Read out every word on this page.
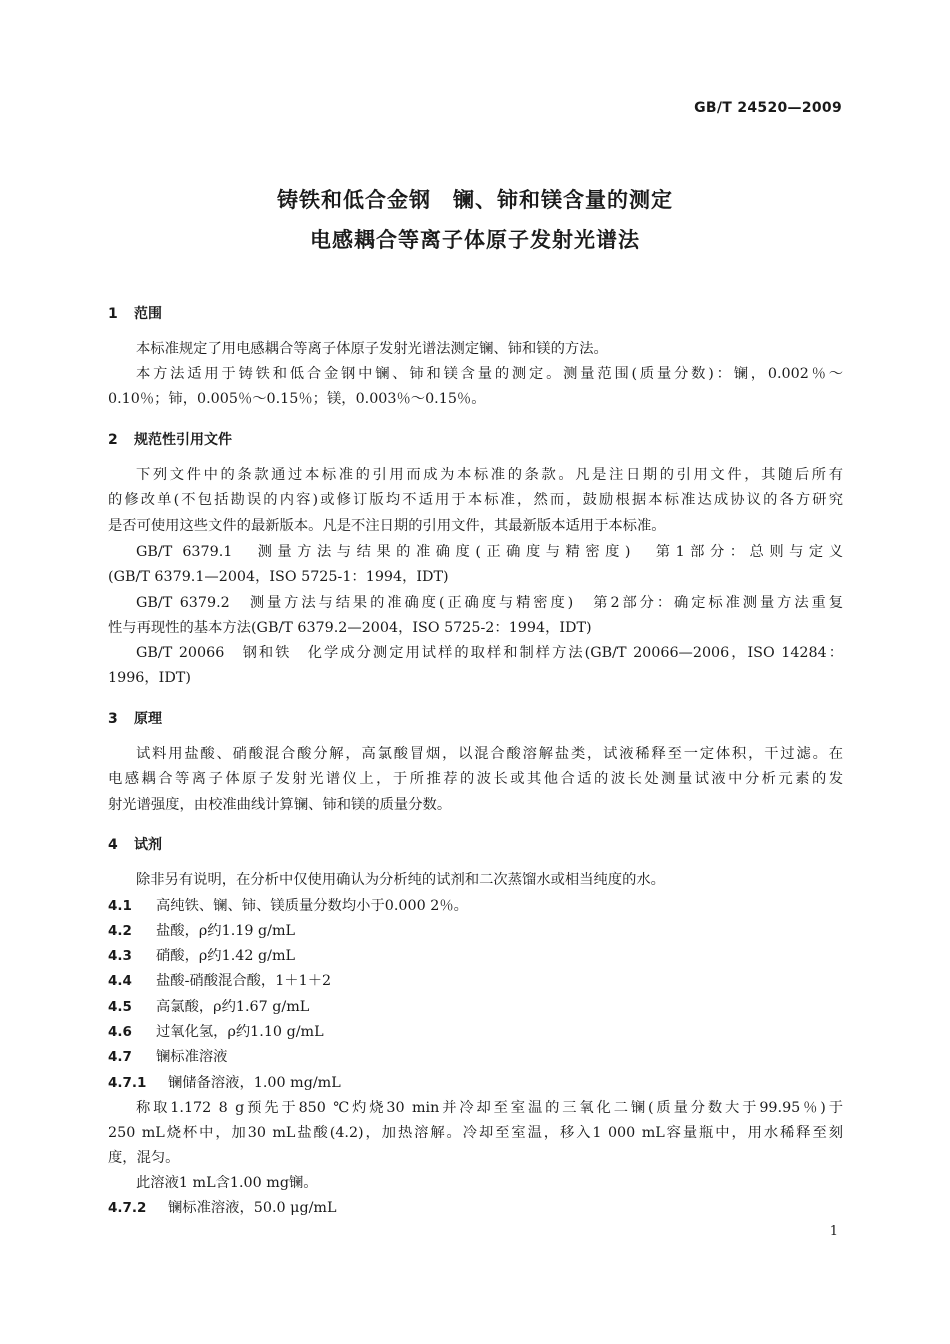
GB/T 24520—2009
铸铁和低合金钢　镧、铈和镁含量的测定
电感耦合等离子体原子发射光谱法
1 范围
本标准规定了用电感耦合等离子体原子发射光谱法测定镧、铈和镁的方法。
本方法适用于铸铁和低合金钢中镧、铈和镁含量的测定。测量范围(质量分数)：镧，0.002％～
0.10％；铈，0.005％～0.15％；镁，0.003％～0.15％。
2 规范性引用文件
下列文件中的条款通过本标准的引用而成为本标准的条款。凡是注日期的引用文件，其随后所有
的修改单(不包括勘误的内容)或修订版均不适用于本标准，然而，鼓励根据本标准达成协议的各方研究
是否可使用这些文件的最新版本。凡是不注日期的引用文件，其最新版本适用于本标准。
GB/T 6379.1　测量方法与结果的准确度(正确度与精密度)　第1部分：总则与定义
(GB/T 6379.1—2004，ISO 5725-1：1994，IDT)
GB/T 6379.2　测量方法与结果的准确度(正确度与精密度)　第2部分：确定标准测量方法重复
性与再现性的基本方法(GB/T 6379.2—2004，ISO 5725-2：1994，IDT)
GB/T 20066　钢和铁　化学成分测定用试样的取样和制样方法(GB/T 20066—2006，ISO 14284：
1996，IDT)
3 原理
试料用盐酸、硝酸混合酸分解，高氯酸冒烟，以混合酸溶解盐类，试液稀释至一定体积，干过滤。在
电感耦合等离子体原子发射光谱仪上，于所推荐的波长或其他合适的波长处测量试液中分析元素的发
射光谱强度，由校准曲线计算镧、铈和镁的质量分数。
4 试剂
除非另有说明，在分析中仅使用确认为分析纯的试剂和二次蒸馏水或相当纯度的水。
4.1 高纯铁、镧、铈、镁质量分数均小于0.000 2％。
4.2 盐酸，ρ约1.19 g/mL
4.3 硝酸，ρ约1.42 g/mL
4.4 盐酸-硝酸混合酸，1＋1＋2
4.5 高氯酸，ρ约1.67 g/mL
4.6 过氧化氢，ρ约1.10 g/mL
4.7 镧标准溶液
4.7.1 镧储备溶液，1.00 mg/mL
称取1.172 8 g预先于850 ℃灼烧30 min并冷却至室温的三氧化二镧(质量分数大于99.95％)于
250 mL烧杯中，加30 mL盐酸(4.2)，加热溶解。冷却至室温，移入1 000 mL容量瓶中，用水稀释至刻
度，混匀。
此溶液1 mL含1.00 mg镧。
4.7.2 镧标准溶液，50.0 μg/mL
1
